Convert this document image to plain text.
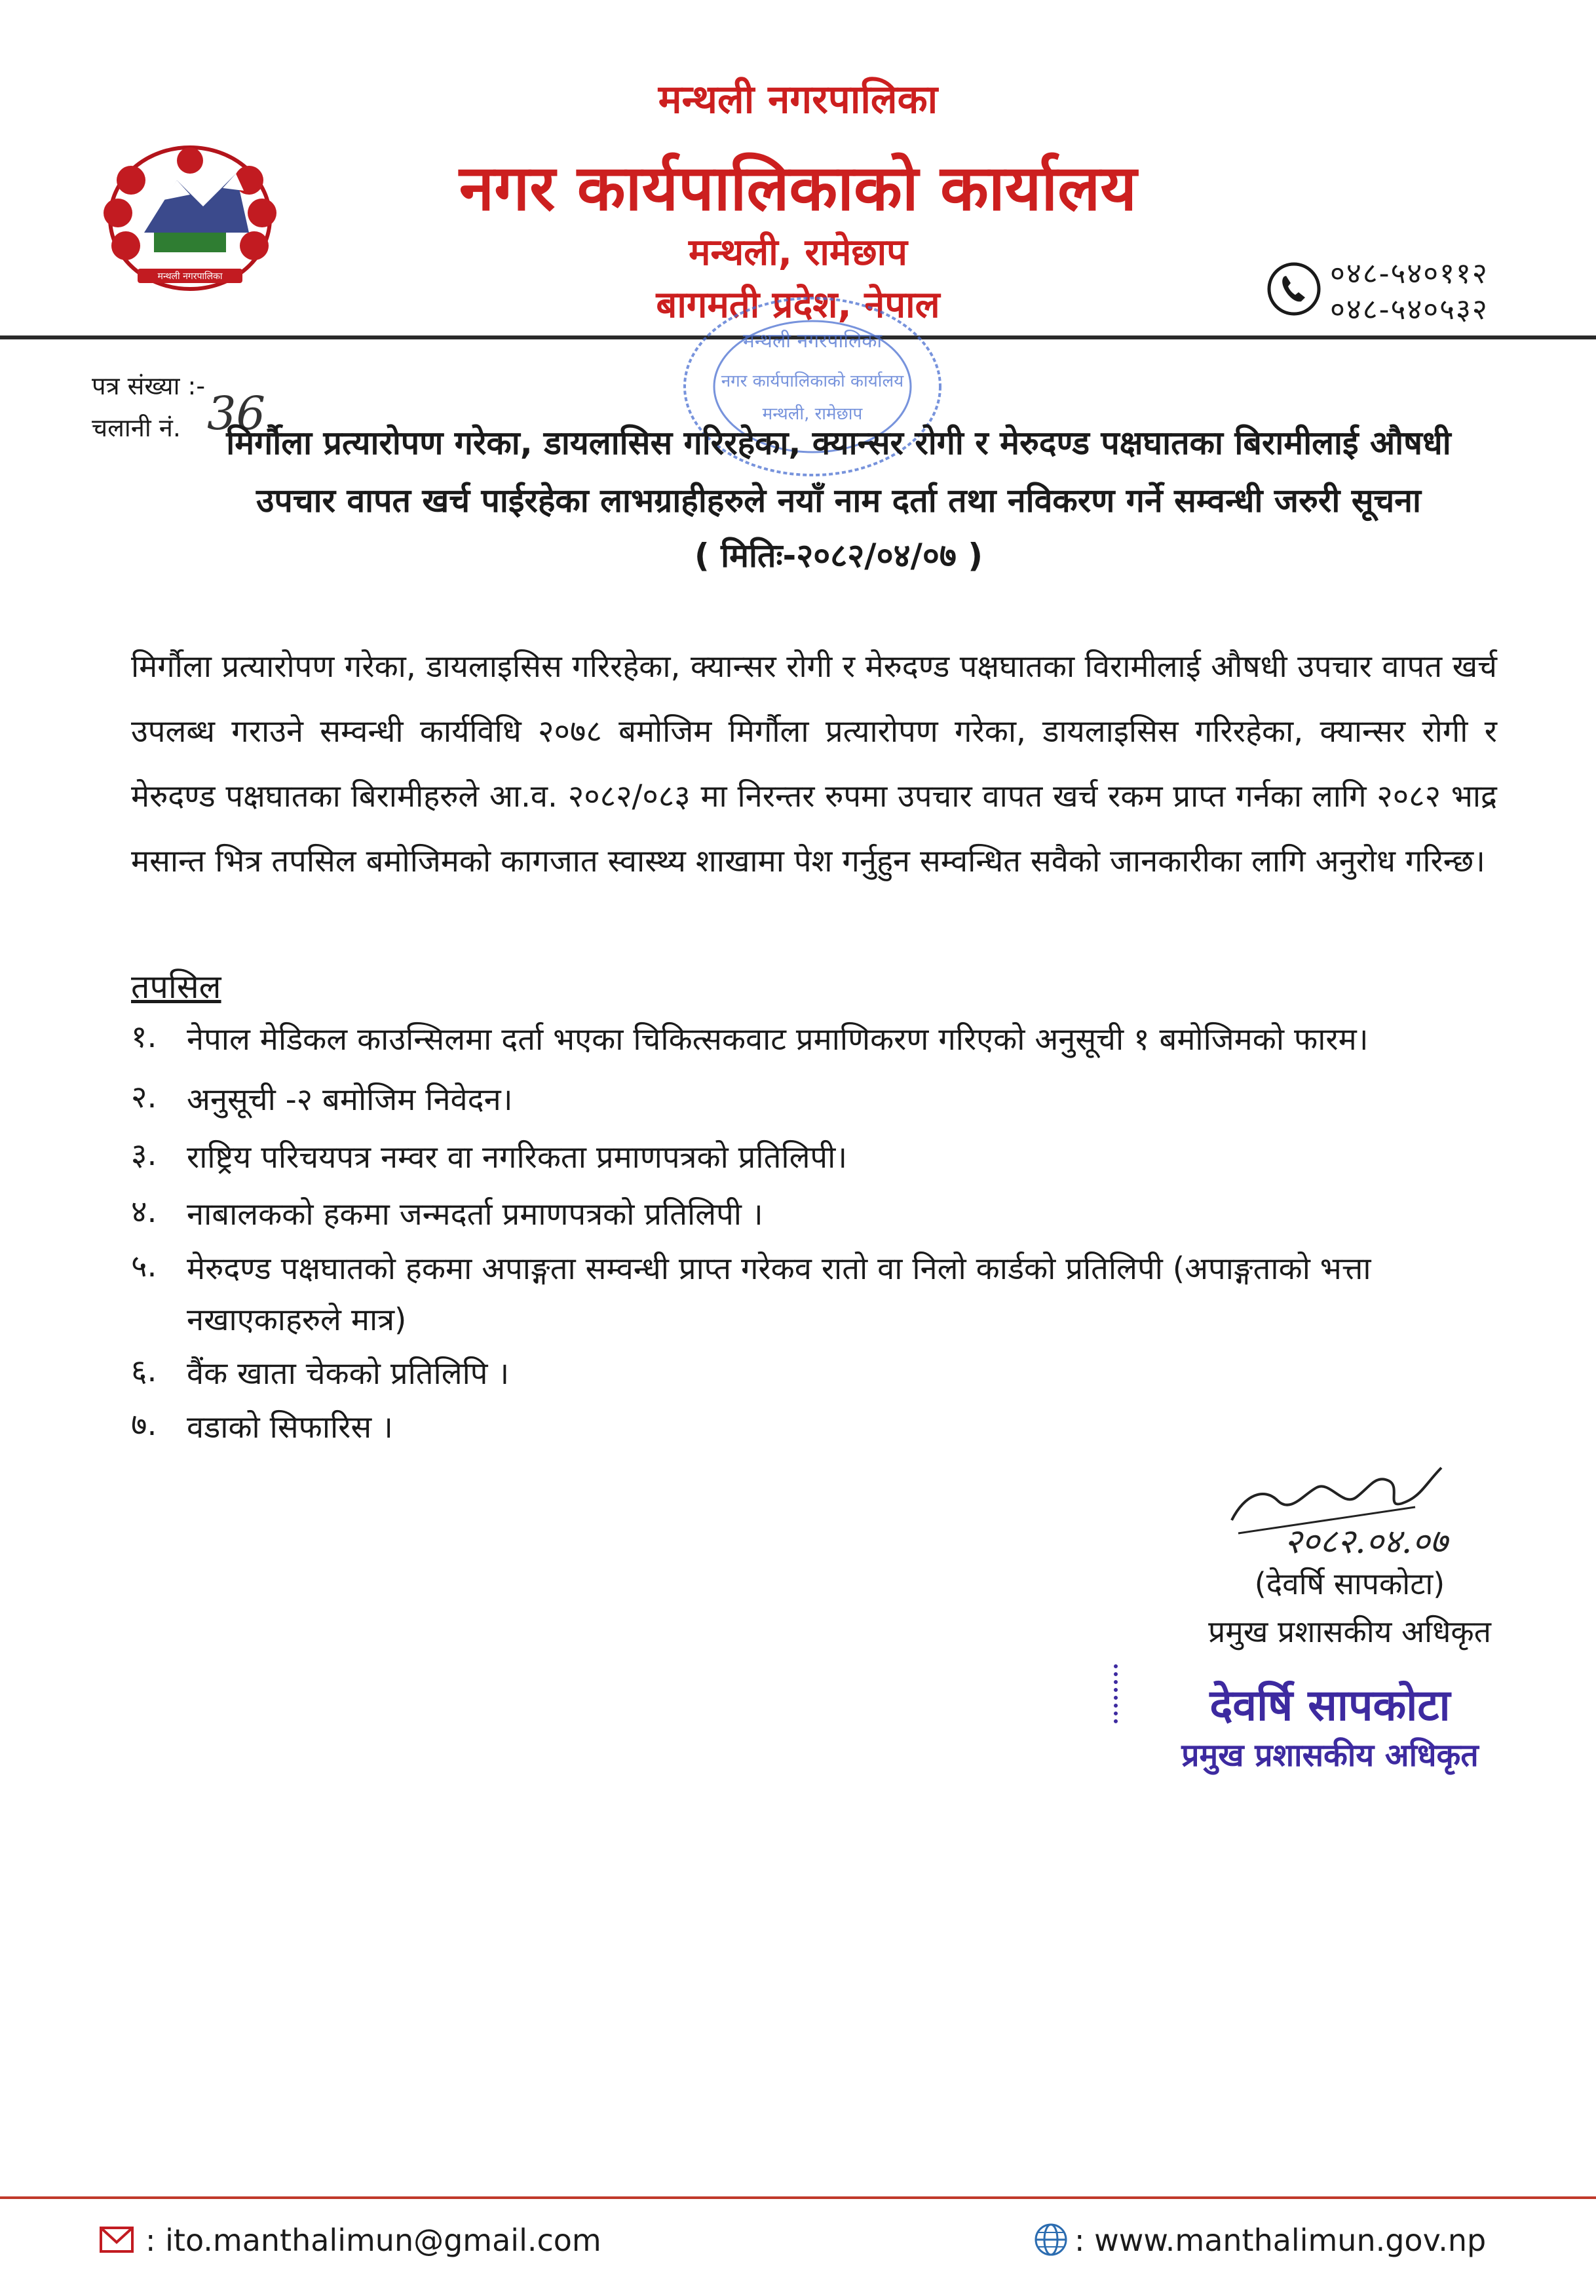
मन्थली नगरपालिका
मन्थली नगरपालिका
नगर कार्यपालिकाको कार्यालय
मन्थली, रामेछाप
बागमती प्रदेश, नेपाल
०४८-५४०११२
०४८-५४०५३२
पत्र संख्या :-
चलानी नं. 36
मन्थली नगरपालिका
नगर कार्यपालिकाको कार्यालय
मन्थली, रामेछाप
मिर्गौला प्रत्यारोपण गरेका, डायलासिस गरिरहेका, क्यान्सर रोगी र मेरुदण्ड पक्षघातका बिरामीलाई औषधी
उपचार वापत खर्च पाईरहेका लाभग्राहीहरुले नयाँ नाम दर्ता तथा नविकरण गर्ने सम्वन्धी जरुरी सूचना
( मितिः-२०८२/०४/०७ )
मिर्गौला प्रत्यारोपण गरेका, डायलाइसिस गरिरहेका, क्यान्सर रोगी र मेरुदण्ड पक्षघातका विरामीलाई औषधी उपचार वापत खर्च उपलब्ध गराउने सम्वन्धी कार्यविधि २०७८ बमोजिम मिर्गौला प्रत्यारोपण गरेका, डायलाइसिस गरिरहेका, क्यान्सर रोगी र मेरुदण्ड पक्षघातका बिरामीहरुले आ.व. २०८२/०८३ मा निरन्तर रुपमा उपचार वापत खर्च रकम प्राप्त गर्नका लागि २०८२ भाद्र मसान्त भित्र तपसिल बमोजिमको कागजात स्वास्थ्य शाखामा पेश गर्नुहुन सम्वन्धित सवैको जानकारीका लागि अनुरोध गरिन्छ।
तपसिल
१. नेपाल मेडिकल काउन्सिलमा दर्ता भएका चिकित्सकवाट प्रमाणिकरण गरिएको अनुसूची १ बमोजिमको फारम।
२. अनुसूची -२ बमोजिम निवेदन।
३. राष्ट्रिय परिचयपत्र नम्वर वा नगरिकता प्रमाणपत्रको प्रतिलिपी।
४. नाबालकको हकमा जन्मदर्ता प्रमाणपत्रको प्रतिलिपी ।
५. मेरुदण्ड पक्षघातको हकमा अपाङ्गता सम्वन्धी प्राप्त गरेकव रातो वा निलो कार्डको प्रतिलिपी (अपाङ्गताको भत्ता नखाएकाहरुले मात्र)
६. वैंक खाता चेकको प्रतिलिपि ।
७. वडाको सिफारिस ।
२०८२.०४.०७
(देवर्षि सापकोटा)
प्रमुख प्रशासकीय अधिकृत
देवर्षि सापकोटा
प्रमुख प्रशासकीय अधिकृत
: ito.manthalimun@gmail.com	: www.manthalimun.gov.np
